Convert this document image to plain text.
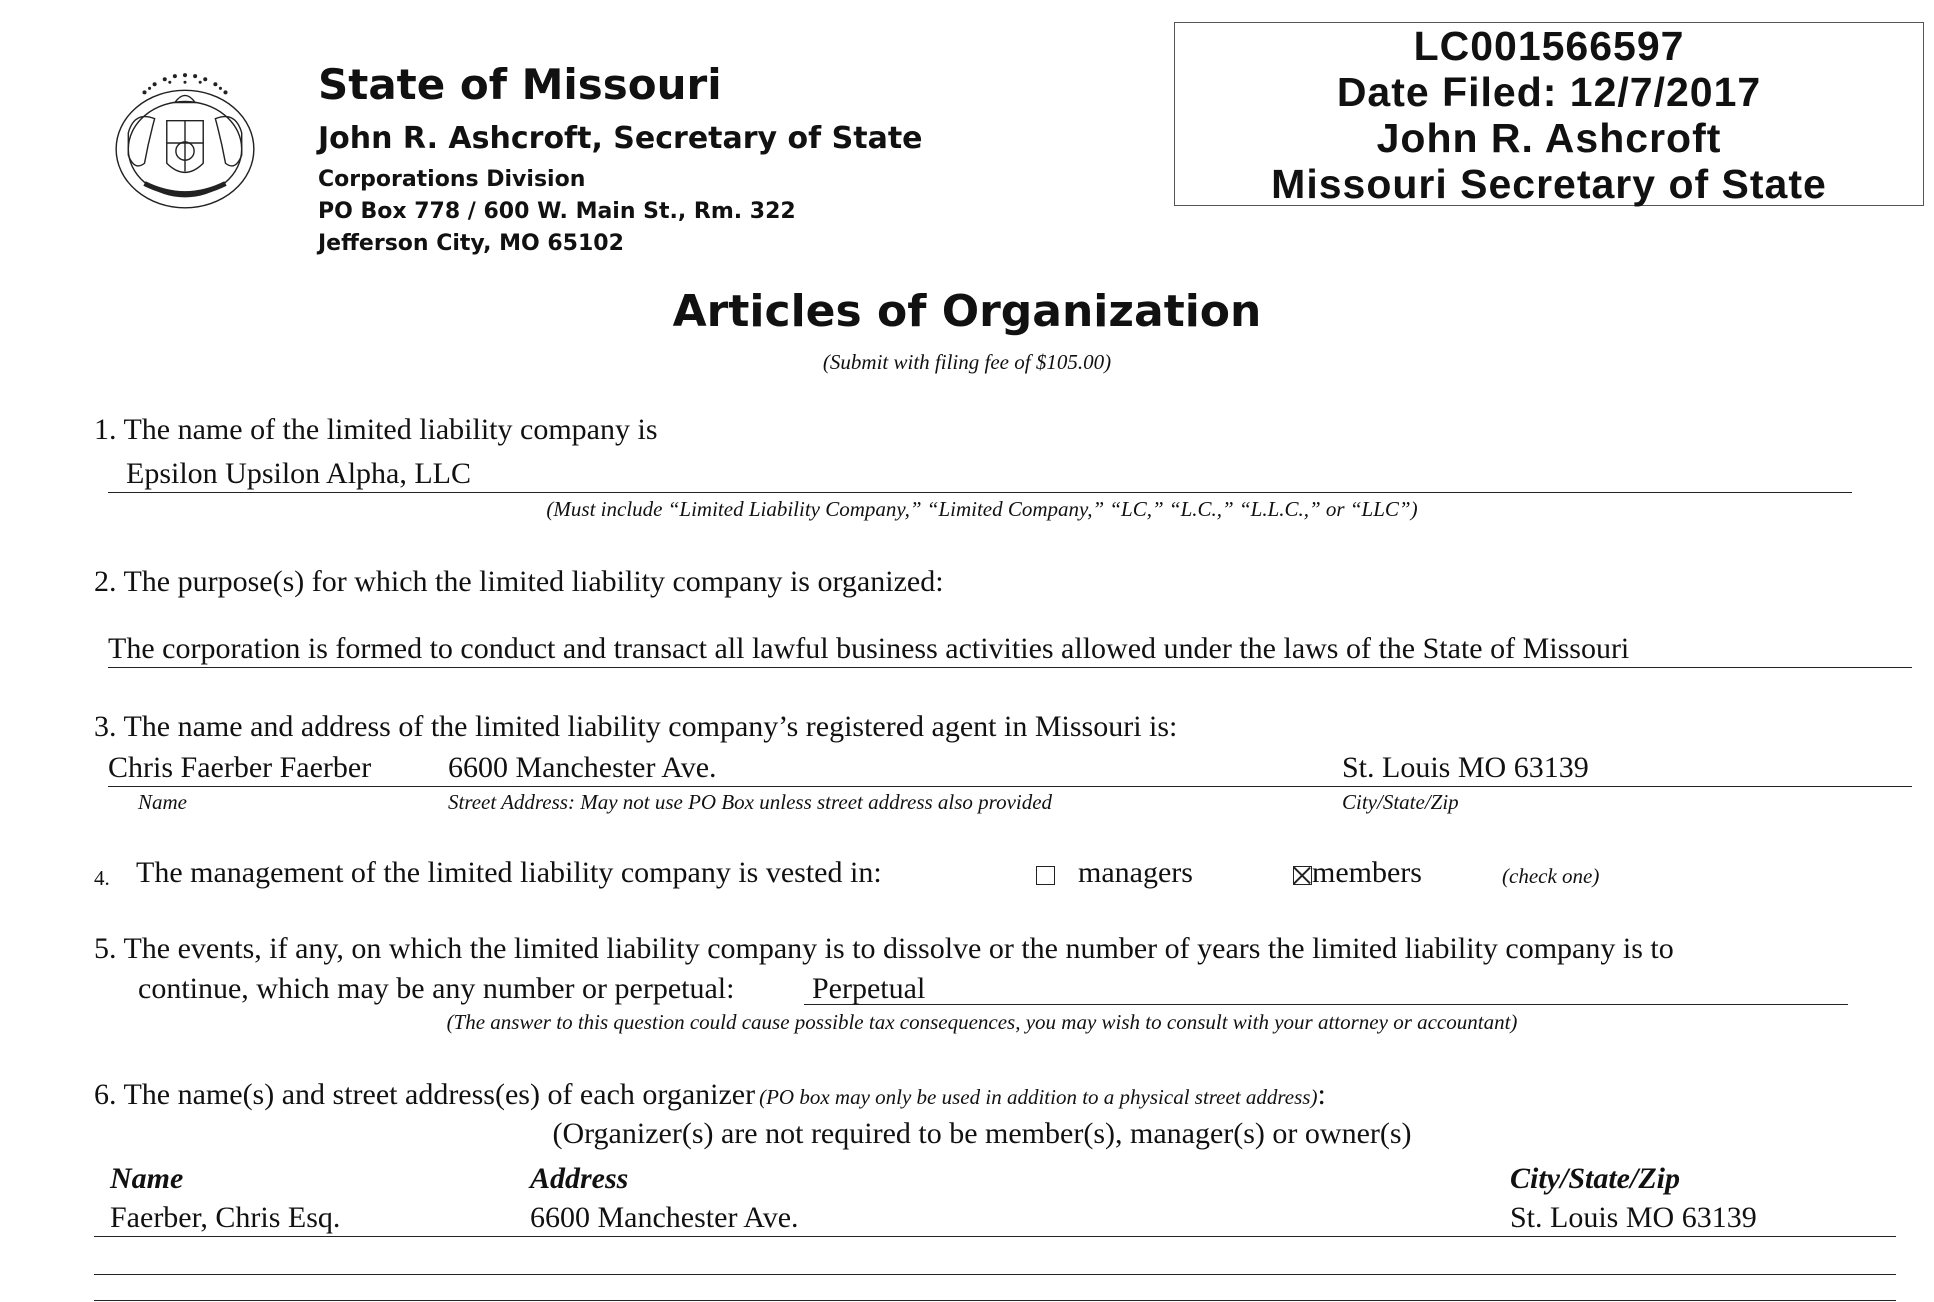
State of Missouri
John R. Ashcroft, Secretary of State
Corporations Division
PO Box 778 / 600 W. Main St., Rm. 322
Jefferson City, MO 65102
LC001566597
Date Filed: 12/7/2017
John R. Ashcroft
Missouri Secretary of State
Articles of Organization
(Submit with filing fee of $105.00)
1. The name of the limited liability company is
Epsilon Upsilon Alpha, LLC
(Must include “Limited Liability Company,” “Limited Company,” “LC,” “L.C.,” “L.L.C.,” or “LLC”)
2. The purpose(s) for which the limited liability company is organized:
The corporation is formed to conduct and transact all lawful business activities allowed under the laws of the State of Missouri
3. The name and address of the limited liability company’s registered agent in Missouri is:
Chris Faerber Faerber	6600 Manchester Ave.	St. Louis MO 63139
Name	Street Address: May not use PO Box unless street address also provided	City/State/Zip
4. The management of the limited liability company is vested in:
	managers	members	(check one)
5. The events, if any, on which the limited liability company is to dissolve or the number of years the limited liability company is to
continue, which may be any number or perpetual:	Perpetual
(The answer to this question could cause possible tax consequences, you may wish to consult with your attorney or accountant)
6. The name(s) and street address(es) of each organizer (PO box may only be used in addition to a physical street address):
(Organizer(s) are not required to be member(s), manager(s) or owner(s)
Name	Address	City/State/Zip
Faerber, Chris Esq.	6600 Manchester Ave.	St. Louis MO 63139
